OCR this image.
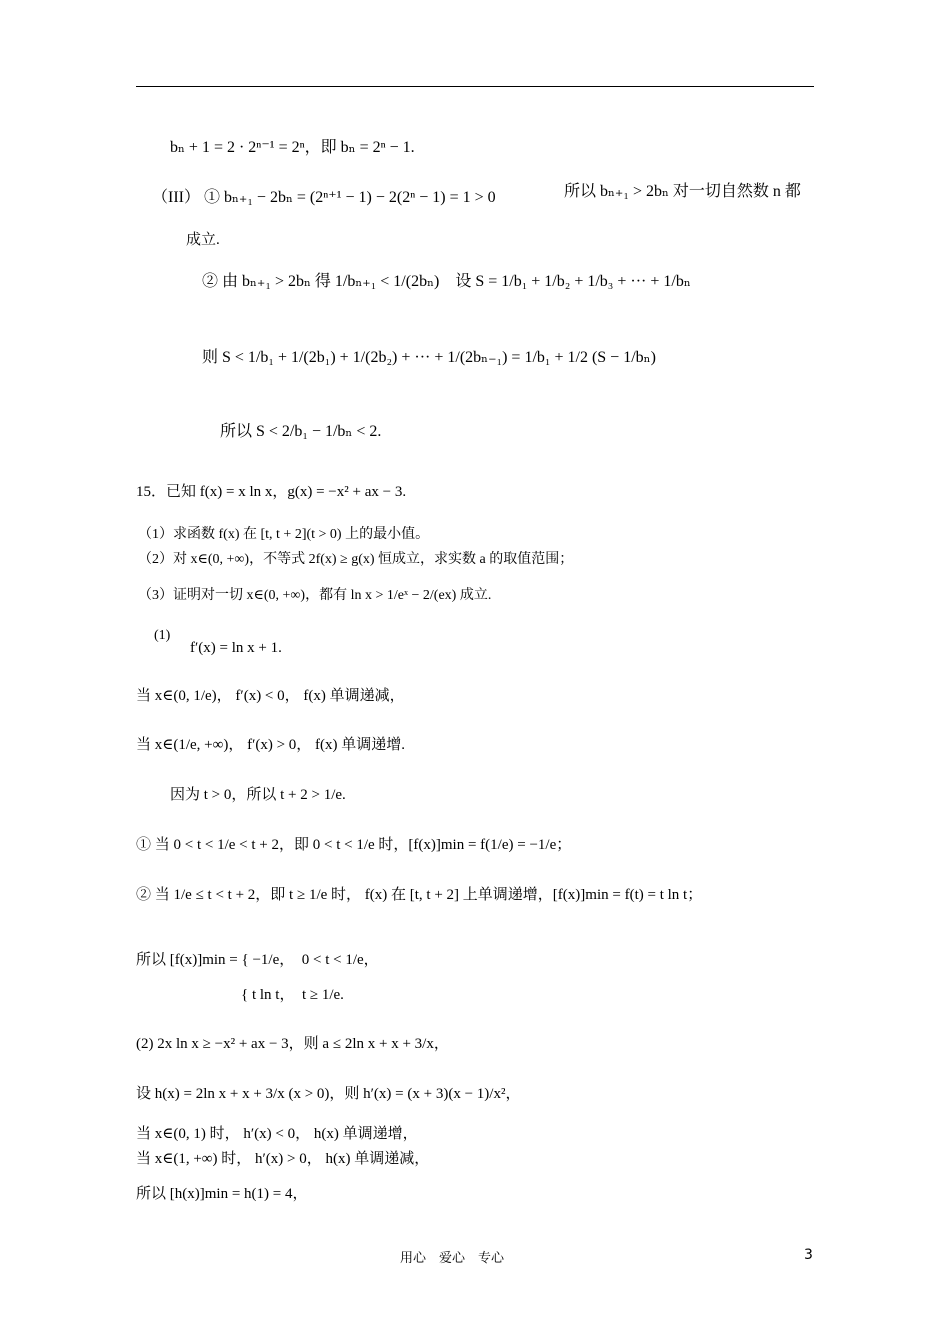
bₙ + 1 = 2 · 2ⁿ⁻¹ = 2ⁿ，即 bₙ = 2ⁿ − 1.
（III） ① bₙ₊₁ − 2bₙ = (2ⁿ⁺¹ − 1) − 2(2ⁿ − 1) = 1 > 0	所以 bₙ₊₁ > 2bₙ 对一切自然数 n 都
成立.
② 由 bₙ₊₁ > 2bₙ 得 1/bₙ₊₁ < 1/(2bₙ)　设 S = 1/b₁ + 1/b₂ + 1/b₃ + ··· + 1/bₙ
则 S < 1/b₁ + 1/(2b₁) + 1/(2b₂) + ··· + 1/(2bₙ₋₁) = 1/b₁ + 1/2 (S − 1/bₙ)
所以 S < 2/b₁ − 1/bₙ < 2.
15．已知 f(x) = x ln x，g(x) = −x² + ax − 3.
（1）求函数 f(x) 在 [t, t + 2](t > 0) 上的最小值。
（2）对 x∈(0, +∞)，不等式 2f(x) ≥ g(x) 恒成立，求实数 a 的取值范围；
（3）证明对一切 x∈(0, +∞)，都有 ln x > 1/eˣ − 2/(ex) 成立.
(1)
f′(x) = ln x + 1.
当 x∈(0, 1/e)， f′(x) < 0， f(x) 单调递减，
当 x∈(1/e, +∞)， f′(x) > 0， f(x) 单调递增.
因为 t > 0，所以 t + 2 > 1/e.
① 当 0 < t < 1/e < t + 2，即 0 < t < 1/e 时，[f(x)]min = f(1/e) = −1/e；
② 当 1/e ≤ t < t + 2，即 t ≥ 1/e 时， f(x) 在 [t, t + 2] 上单调递增，[f(x)]min = f(t) = t ln t；
所以 [f(x)]min = { −1/e，　0 < t < 1/e，
　　　　　　　{ t ln t，　t ≥ 1/e.
(2) 2x ln x ≥ −x² + ax − 3，则 a ≤ 2ln x + x + 3/x，
设 h(x) = 2ln x + x + 3/x (x > 0)，则 h′(x) = (x + 3)(x − 1)/x²，
当 x∈(0, 1) 时， h′(x) < 0， h(x) 单调递增，
当 x∈(1, +∞) 时， h′(x) > 0， h(x) 单调递减，
所以 [h(x)]min = h(1) = 4，
用心　爱心　专心	3
